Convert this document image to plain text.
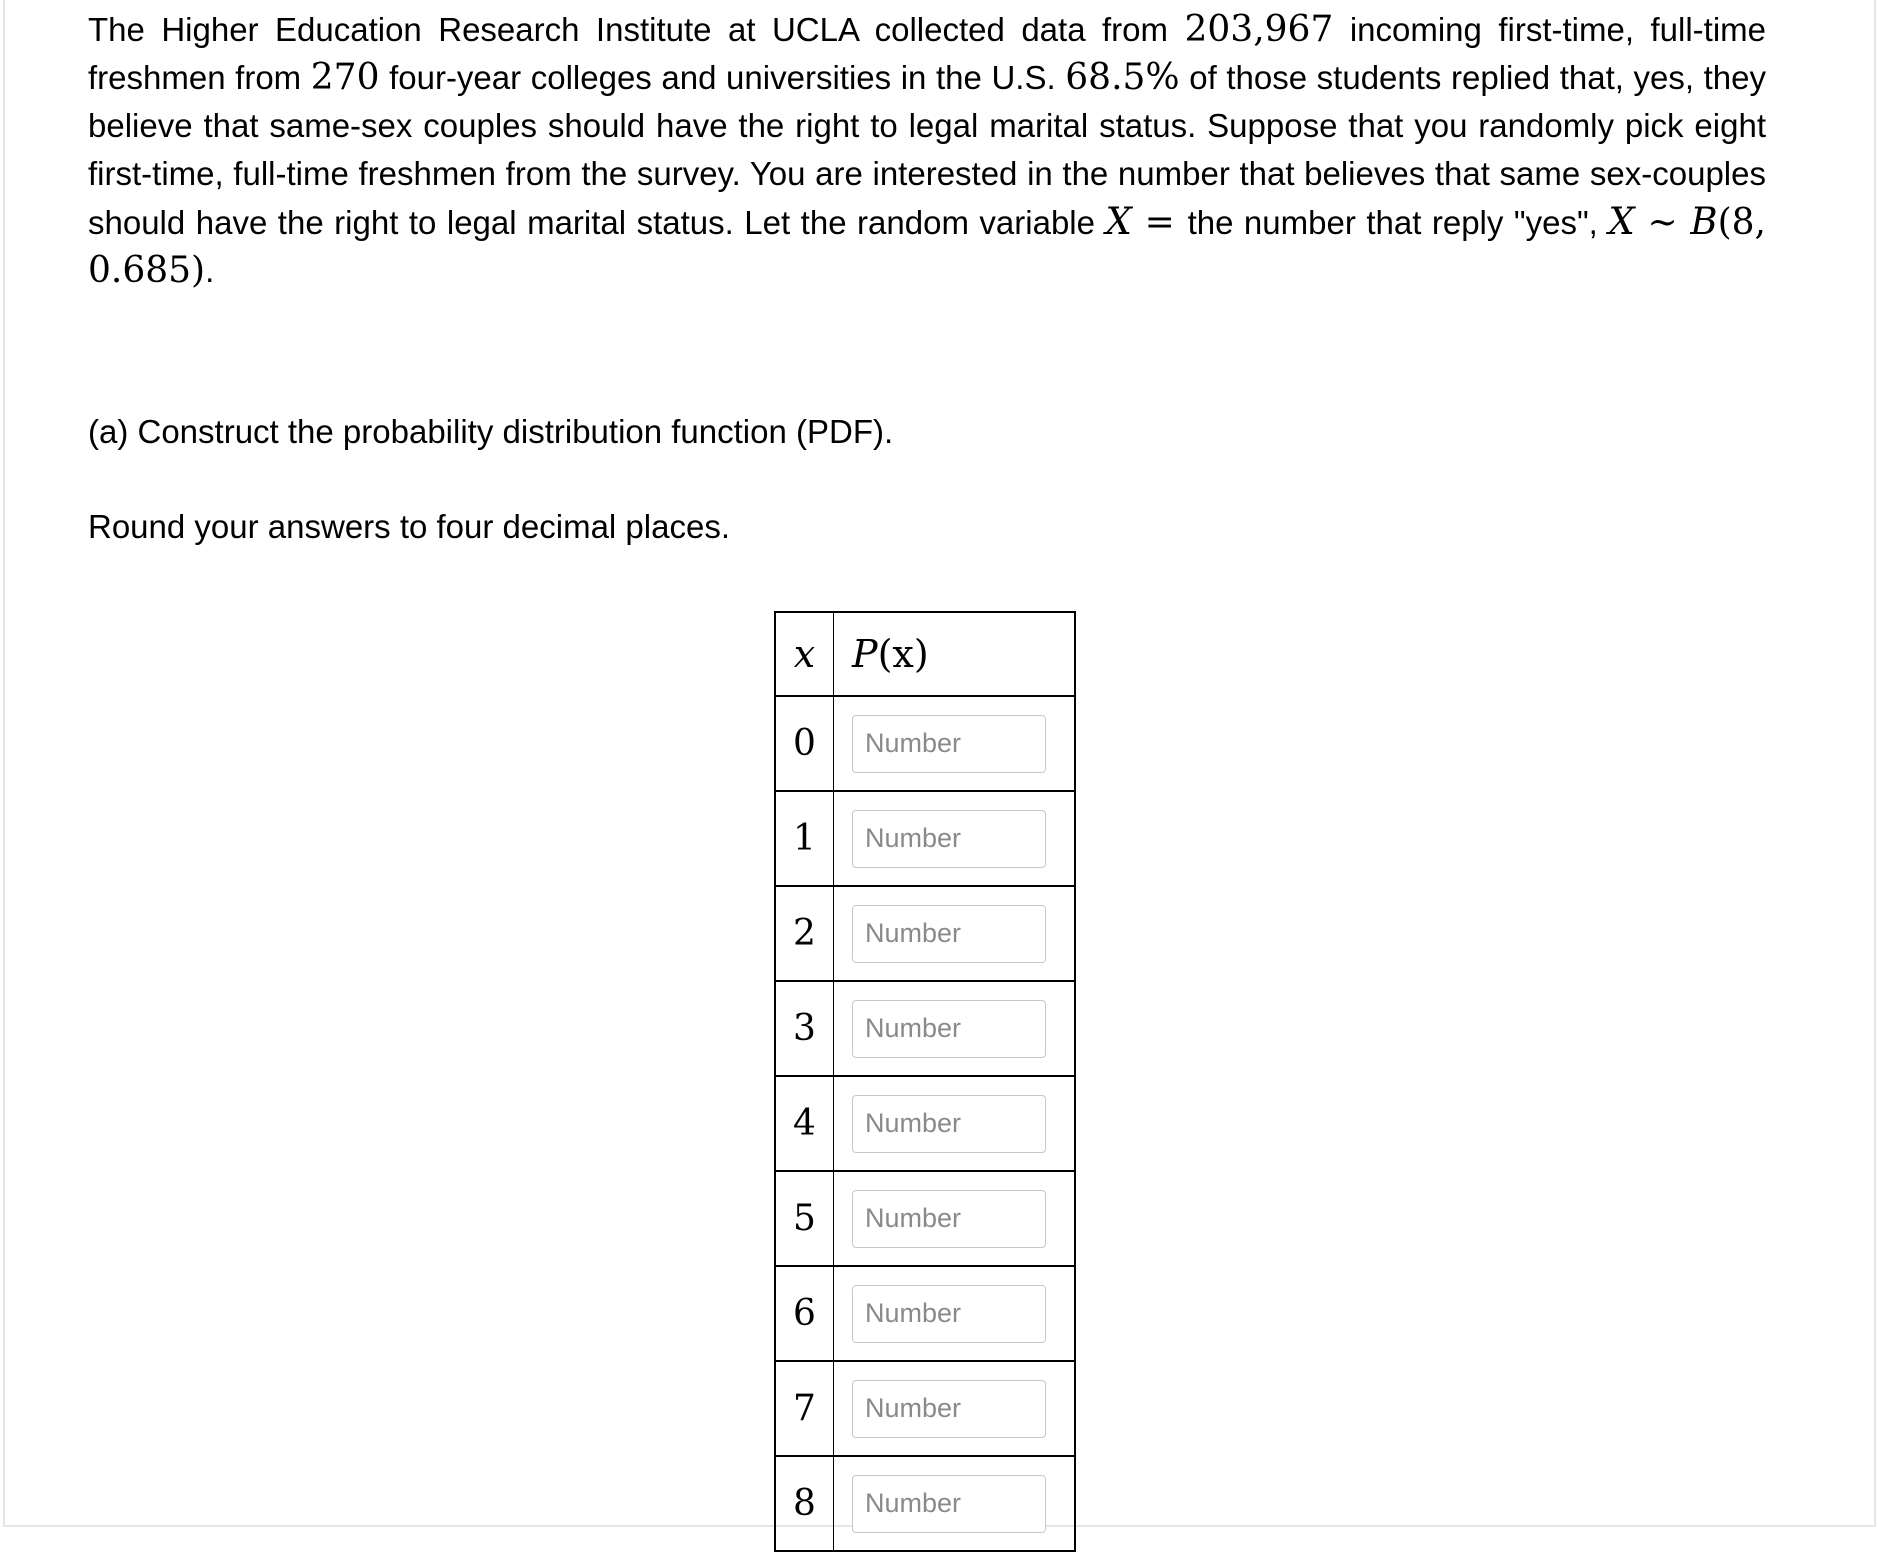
The Higher Education Research Institute at UCLA collected data from 203,967 incoming first-time, full-time freshmen from 270 four-year colleges and universities in the U.S. 68.5% of those students replied that, yes, they believe that same-sex couples should have the right to legal marital status. Suppose that you randomly pick eight first-time, full-time freshmen from the survey. You are interested in the number that believes that same sex-couples should have the right to legal marital status. Let the random variable X = the number that reply "yes", X ~ B(8, 0.685).

(a) Construct the probability distribution function (PDF).

Round your answers to four decimal places.

x	P(x)
0	Number
1	Number
2	Number
3	Number
4	Number
5	Number
6	Number
7	Number
8	Number
